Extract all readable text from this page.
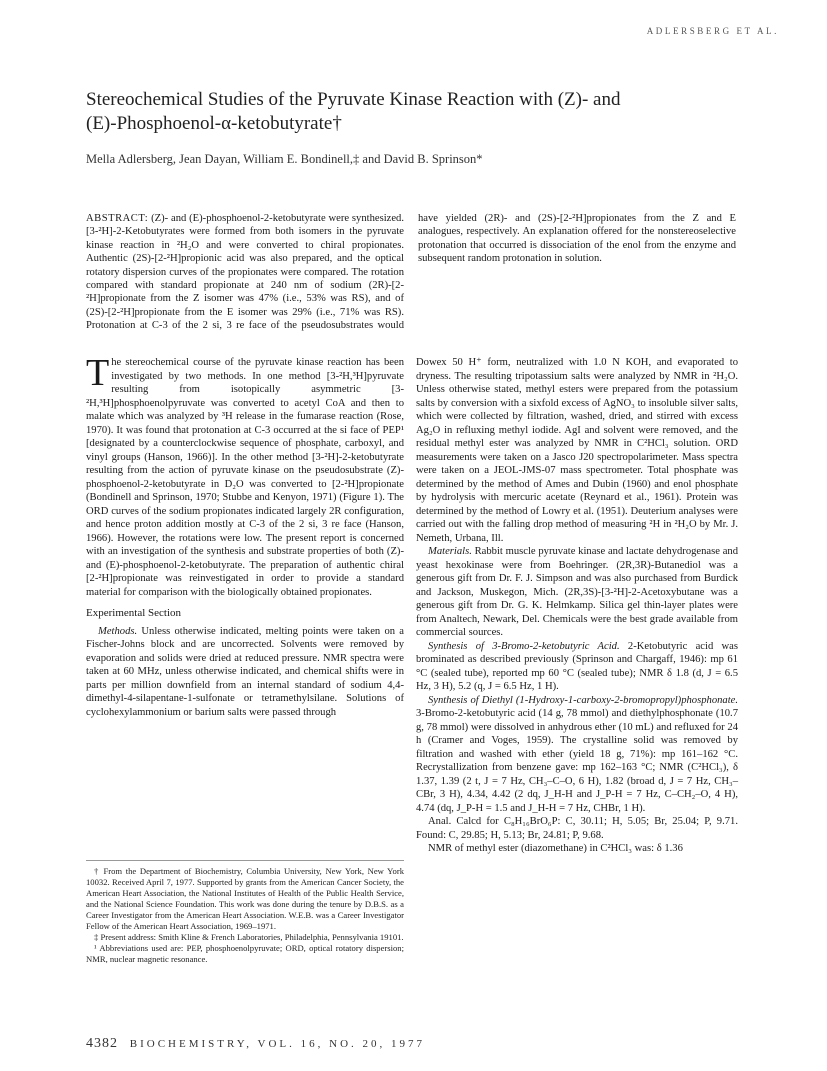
ADLERSBERG ET AL.
Stereochemical Studies of the Pyruvate Kinase Reaction with (Z)- and
(E)-Phosphoenol-α-ketobutyrate†
Mella Adlersberg, Jean Dayan, William E. Bondinell,‡ and David B. Sprinson*
ABSTRACT: (Z)- and (E)-phosphoenol-2-ketobutyrate were synthesized. [3-²H]-2-Ketobutyrates were formed from both isomers in the pyruvate kinase reaction in ²H₂O and were converted to chiral propionates. Authentic (2S)-[2-²H]propionic acid was also prepared, and the optical rotatory dispersion curves of the propionates were compared. The rotation compared with standard propionate at 240 nm of sodium (2R)-[2-²H]propionate from the Z isomer was 47% (i.e., 53% was RS), and of (2S)-[2-²H]propionate from the E isomer was 29% (i.e., 71% was RS). Protonation at C-3 of the 2 si, 3 re face of the pseudosubstrates would have yielded (2R)- and (2S)-[2-²H]propionates from the Z and E analogues, respectively. An explanation offered for the nonstereoselective protonation that occurred is dissociation of the enol from the enzyme and subsequent random protonation in solution.

The stereochemical course of the pyruvate kinase reaction has been investigated by two methods. In one method [3-²H,³H]pyruvate resulting from isotopically asymmetric [3-²H,³H]phosphoenolpyruvate was converted to acetyl CoA and then to malate which was analyzed by ³H release in the fumarase reaction (Rose, 1970). It was found that protonation at C-3 occurred at the si face of PEP¹ [designated by a counterclockwise sequence of phosphate, carboxyl, and vinyl groups (Hanson, 1966)]. In the other method [3-²H]-2-ketobutyrate resulting from the action of pyruvate kinase on the pseudosubstrate (Z)-phosphoenol-2-ketobutyrate in D₂O was converted to [2-²H]propionate (Bondinell and Sprinson, 1970; Stubbe and Kenyon, 1971) (Figure 1). The ORD curves of the sodium propionates indicated largely 2R configuration, and hence proton addition mostly at C-3 of the 2 si, 3 re face (Hanson, 1966). However, the rotations were low. The present report is concerned with an investigation of the synthesis and substrate properties of both (Z)- and (E)-phosphoenol-2-ketobutyrate. The preparation of authentic chiral [2-²H]propionate was reinvestigated in order to provide a standard material for comparison with the biologically obtained propionates.

Experimental Section

Methods. Unless otherwise indicated, melting points were taken on a Fischer-Johns block and are uncorrected. Solvents were removed by evaporation and solids were dried at reduced pressure. NMR spectra were taken at 60 MHz, unless otherwise indicated, and chemical shifts were in parts per million downfield from an internal standard of sodium 4,4-dimethyl-4-silapentane-1-sulfonate or tetramethylsilane. Solutions of cyclohexylammonium or barium salts were passed through

Dowex 50 H⁺ form, neutralized with 1.0 N KOH, and evaporated to dryness. The resulting tripotassium salts were analyzed by NMR in ²H₂O. Unless otherwise stated, methyl esters were prepared from the potassium salts by conversion with a sixfold excess of AgNO₃ to insoluble silver salts, which were collected by filtration, washed, dried, and stirred with excess Ag₂O in refluxing methyl iodide. AgI and solvent were removed, and the residual methyl ester was analyzed by NMR in C²HCl₃ solution. ORD measurements were taken on a Jasco J20 spectropolarimeter. Mass spectra were taken on a JEOL-JMS-07 mass spectrometer. Total phosphate was determined by the method of Ames and Dubin (1960) and enol phosphate by hydrolysis with mercuric acetate (Reynard et al., 1961). Protein was determined by the method of Lowry et al. (1951). Deuterium analyses were carried out with the falling drop method of measuring ²H in ²H₂O by Mr. J. Nemeth, Urbana, Ill.

Materials. Rabbit muscle pyruvate kinase and lactate dehydrogenase and yeast hexokinase were from Boehringer. (2R,3R)-Butanediol was a generous gift from Dr. F. J. Simpson and was also purchased from Burdick and Jackson, Muskegon, Mich. (2R,3S)-[3-²H]-2-Acetoxybutane was a generous gift from Dr. G. K. Helmkamp. Silica gel thin-layer plates were from Analtech, Newark, Del. Chemicals were the best grade available from commercial sources.

Synthesis of 3-Bromo-2-ketobutyric Acid. 2-Ketobutyric acid was brominated as described previously (Sprinson and Chargaff, 1946): mp 61 °C (sealed tube), reported mp 60 °C (sealed tube); NMR δ 1.8 (d, J = 6.5 Hz, 3 H), 5.2 (q, J = 6.5 Hz, 1 H).

Synthesis of Diethyl (1-Hydroxy-1-carboxy-2-bromopropyl)phosphonate. 3-Bromo-2-ketobutyric acid (14 g, 78 mmol) and diethylphosphonate (10.7 g, 78 mmol) were dissolved in anhydrous ether (10 mL) and refluxed for 24 h (Cramer and Voges, 1959). The crystalline solid was removed by filtration and washed with ether (yield 18 g, 71%): mp 161–162 °C. Recrystallization from benzene gave: mp 162–163 °C; NMR (C²HCl₃), δ 1.37, 1.39 (2 t, J = 7 Hz, CH₃–C–O, 6 H), 1.82 (broad d, J = 7 Hz, CH₃–CBr, 3 H), 4.34, 4.42 (2 dq, J_H-H and J_P-H = 7 Hz, C–CH₂–O, 4 H), 4.74 (dq, J_P-H = 1.5 and J_H-H = 7 Hz, CHBr, 1 H).

Anal. Calcd for C₈H₁₆BrO₆P: C, 30.11; H, 5.05; Br, 25.04; P, 9.71. Found: C, 29.85; H, 5.13; Br, 24.81; P, 9.68.

NMR of methyl ester (diazomethane) in C²HCl₃ was: δ 1.36

† From the Department of Biochemistry, Columbia University, New York, New York 10032. Received April 7, 1977. Supported by grants from the American Cancer Society, the American Heart Association, the National Institutes of Health of the Public Health Service, and the National Science Foundation. This work was done during the tenure by D.B.S. as a Career Investigator from the American Heart Association. W.E.B. was a Career Investigator Fellow of the American Heart Association, 1969–1971.

‡ Present address: Smith Kline & French Laboratories, Philadelphia, Pennsylvania 19101.

¹ Abbreviations used are: PEP, phosphoenolpyruvate; ORD, optical rotatory dispersion; NMR, nuclear magnetic resonance.

4382 BIOCHEMISTRY, VOL. 16, NO. 20, 1977
